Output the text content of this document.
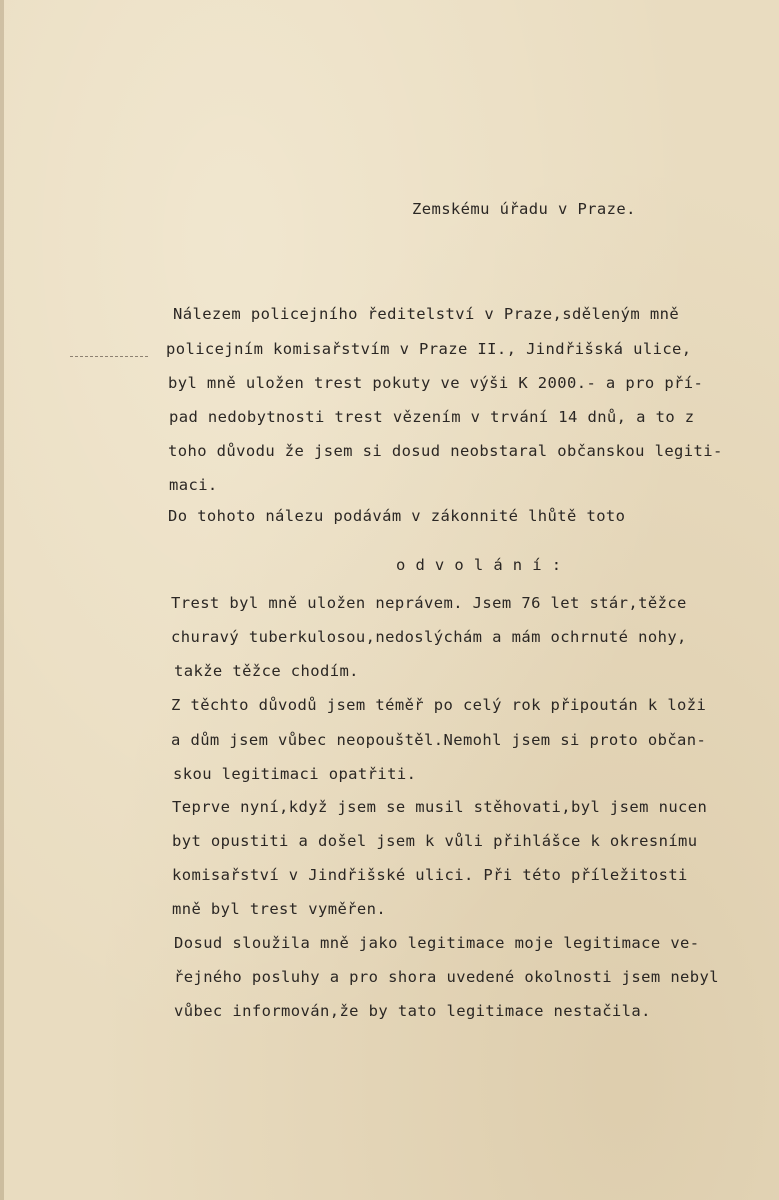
Zemskému úřadu v Praze.
Nálezem policejního ředitelství v Praze,sděleným mně
policejním komisařstvím v Praze II., Jindřišská ulice,
byl mně uložen trest pokuty ve výši K 2000.- a pro pří-
pad nedobytnosti trest vězením v trvání 14 dnů, a to z
toho důvodu že jsem si dosud neobstaral občanskou legiti-
maci.
Do tohoto nálezu podávám v zákonnité lhůtě toto
o d v o l á n í :
Trest byl mně uložen neprávem. Jsem 76 let stár,těžce
churavý tuberkulosou,nedoslýchám a mám ochrnuté nohy,
takže těžce chodím.
Z těchto důvodů jsem téměř po celý rok připoután k loži
a dům jsem vůbec neopouštěl.Nemohl jsem si proto občan-
skou legitimaci opatřiti.
Teprve nyní,když jsem se musil stěhovati,byl jsem nucen
byt opustiti a došel jsem k vůli přihlášce k okresnímu
komisařství v Jindřišské ulici. Při této příležitosti
mně byl trest vyměřen.
Dosud sloužila mně jako legitimace moje legitimace ve-
řejného posluhy a pro shora uvedené okolnosti jsem nebyl
vůbec informován,že by tato legitimace nestačila.
